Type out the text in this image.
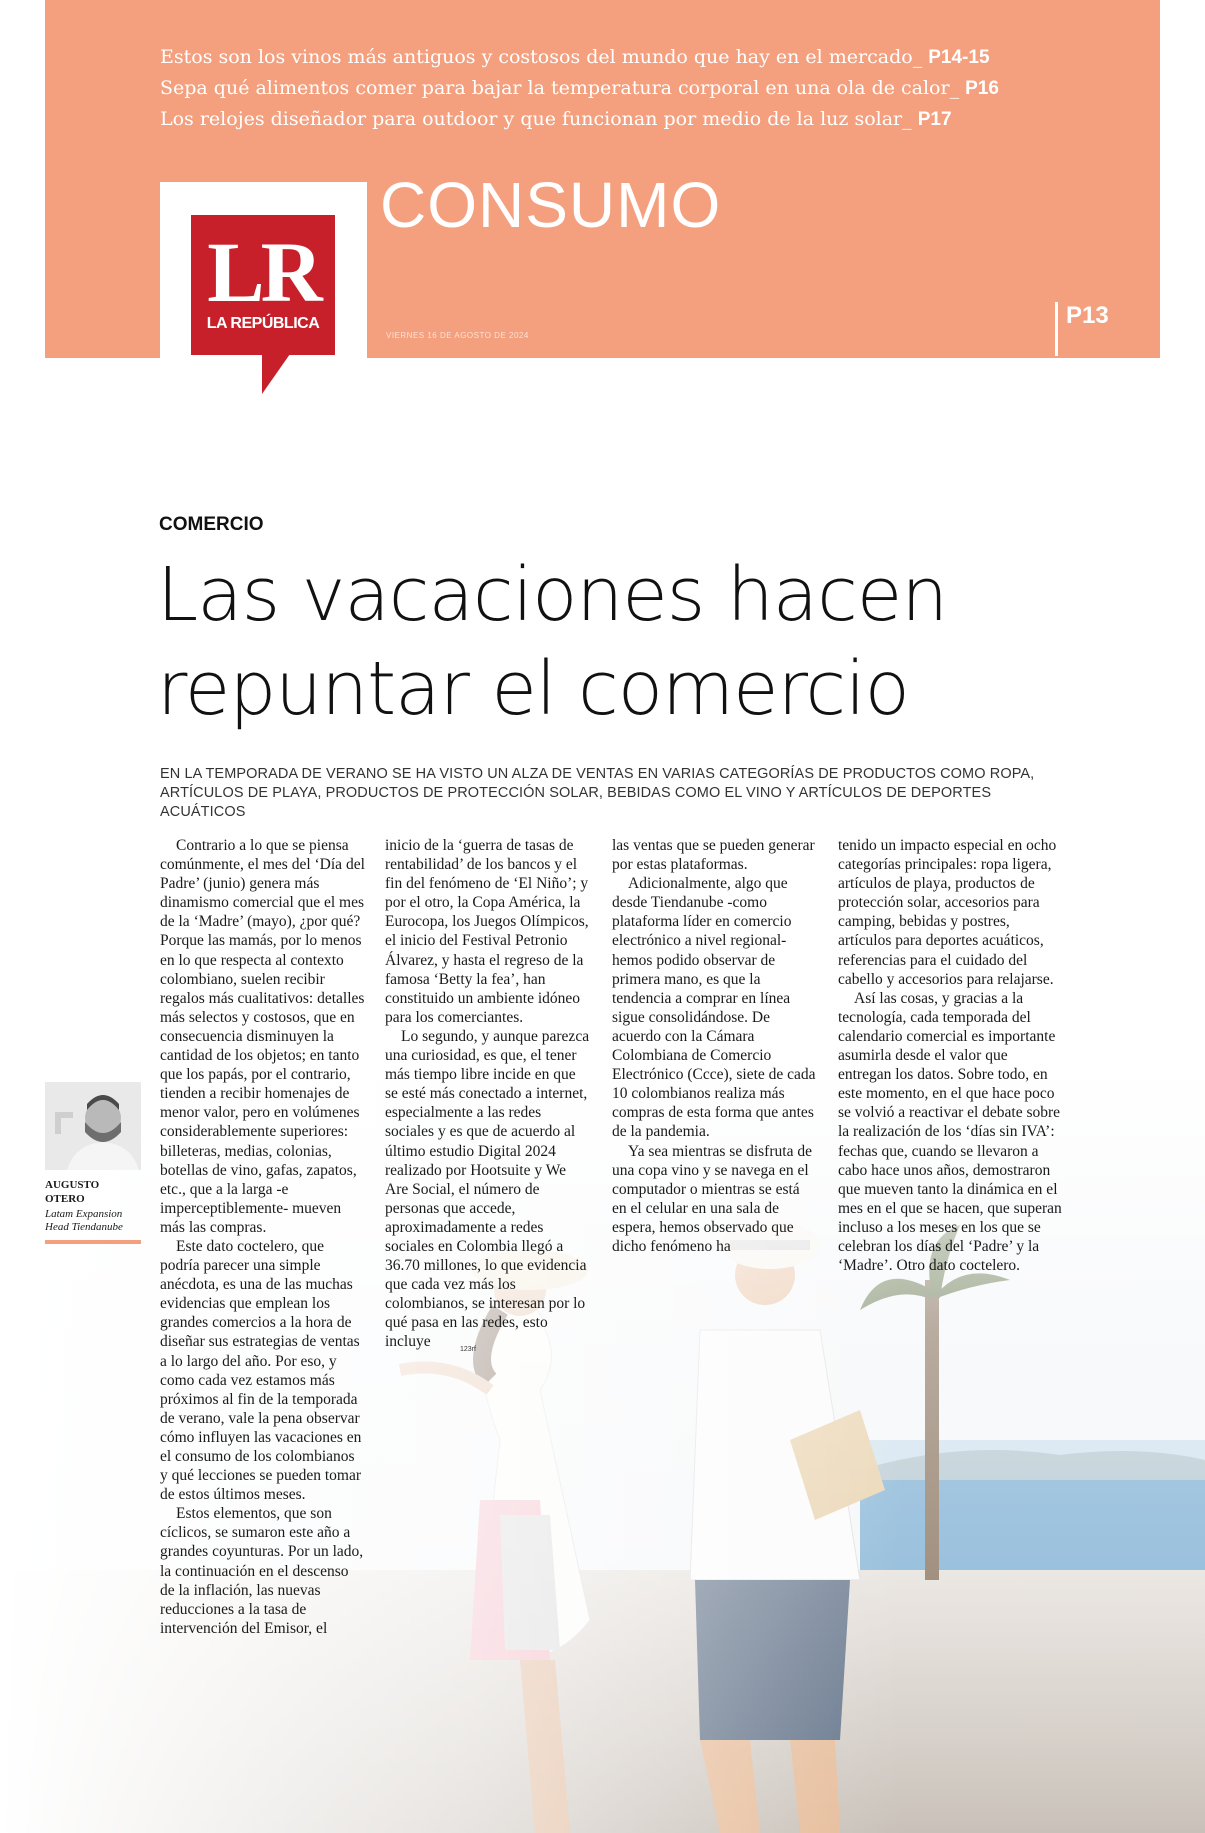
Estos son los vinos más antiguos y costosos del mundo que hay en el mercado_ P14-15
Sepa qué alimentos comer para bajar la temperatura corporal en una ola de calor_ P16
Los relojes diseñador para outdoor y que funcionan por medio de la luz solar_ P17
LR
LA REPÚBLICA
CONSUMO
VIERNES 16 DE AGOSTO DE 2024
P13
COMERCIO
Las vacaciones hacen
repuntar el comercio
EN LA TEMPORADA DE VERANO SE HA VISTO UN ALZA DE VENTAS EN VARIAS CATEGORÍAS DE PRODUCTOS COMO ROPA,
ARTÍCULOS DE PLAYA, PRODUCTOS DE PROTECCIÓN SOLAR, BEBIDAS COMO EL VINO Y ARTÍCULOS DE DEPORTES ACUÁTICOS
123rf
AUGUSTO
OTERO
Latam Expansion
Head Tiendanube

Contrario a lo que se piensa comúnmente, el mes del ‘Día del Padre’ (junio) genera más dinamismo comercial que el mes de la ‘Madre’ (mayo), ¿por qué? Porque las mamás, por lo menos en lo que respecta al contexto colombiano, suelen recibir regalos más cualitativos: detalles más selectos y costosos, que en consecuencia disminuyen la cantidad de los objetos; en tanto que los papás, por el contrario, tienden a recibir homenajes de menor valor, pero en volúmenes considerablemente superiores: billeteras, medias, colonias, botellas de vino, gafas, zapatos, etc., que a la larga -e imperceptiblemente- mueven más las compras.

Este dato coctelero, que podría parecer una simple anécdota, es una de las muchas evidencias que emplean los grandes comercios a la hora de diseñar sus estrategias de ventas a lo largo del año. Por eso, y como cada vez estamos más próximos al fin de la temporada de verano, vale la pena observar cómo influyen las vacaciones en el consumo de los colombianos y qué lecciones se pueden tomar de estos últimos meses.

Estos elementos, que son cíclicos, se sumaron este año a grandes coyunturas. Por un lado, la continuación en el descenso de la inflación, las nuevas reducciones a la tasa de intervención del Emisor, el

inicio de la ‘guerra de tasas de rentabilidad’ de los bancos y el fin del fenómeno de ‘El Niño’; y por el otro, la Copa América, la Eurocopa, los Juegos Olímpicos, el inicio del Festival Petronio Álvarez, y hasta el regreso de la famosa ‘Betty la fea’, han constituido un ambiente idóneo para los comerciantes.

Lo segundo, y aunque parezca una curiosidad, es que, el tener más tiempo libre incide en que se esté más conectado a internet, especialmente a las redes sociales y es que de acuerdo al último estudio Digital 2024 realizado por Hootsuite y We Are Social, el número de personas que accede, aproximadamente a redes sociales en Colombia llegó a 36.70 millones, lo que evidencia que cada vez más los colombianos, se interesan por lo qué pasa en las redes, esto incluye

las ventas que se pueden generar por estas plataformas.

Adicionalmente, algo que desde Tiendanube -como plataforma líder en comercio electrónico a nivel regional- hemos podido observar de primera mano, es que la tendencia a comprar en línea sigue consolidándose. De acuerdo con la Cámara Colombiana de Comercio Electrónico (Ccce), siete de cada 10 colombianos realiza más compras de esta forma que antes de la pandemia.

Ya sea mientras se disfruta de una copa vino y se navega en el computador o mientras se está en el celular en una sala de espera, hemos observado que dicho fenómeno ha

tenido un impacto especial en ocho categorías principales: ropa ligera, artículos de playa, productos de protección solar, accesorios para camping, bebidas y postres, artículos para deportes acuáticos, referencias para el cuidado del cabello y accesorios para relajarse.

Así las cosas, y gracias a la tecnología, cada temporada del calendario comercial es importante asumirla desde el valor que entregan los datos. Sobre todo, en este momento, en el que hace poco se volvió a reactivar el debate sobre la realización de los ‘días sin IVA’: fechas que, cuando se llevaron a cabo hace unos años, demostraron que mueven tanto la dinámica en el mes en el que se hacen, que superan incluso a los meses en los que se celebran los días del ‘Padre’ y la ‘Madre’. Otro dato coctelero.
